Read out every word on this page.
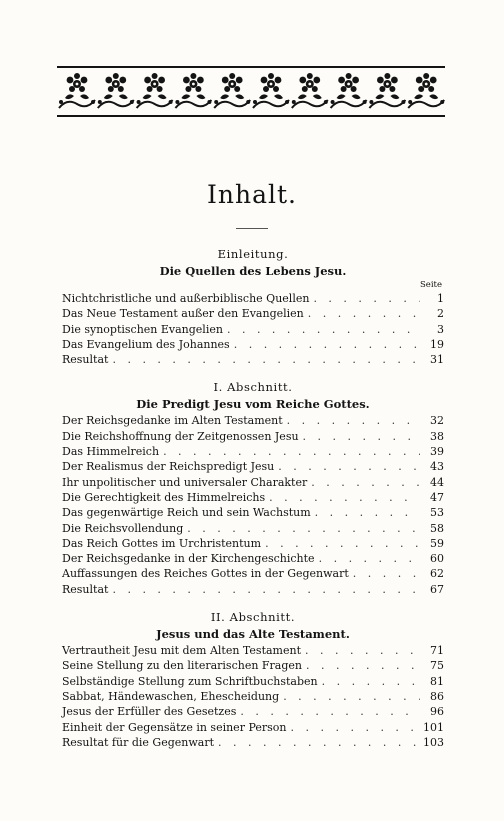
Inhalt.
Einleitung.
Die Quellen des Lebens Jesu.
Seite
Nichtchristliche und außerbiblische Quellen . . .	1
Das Neue Testament außer den Evangelien . . .	2
Die synoptischen Evangelien . . .	3
Das Evangelium des Johannes . . .	19
Resultat . . .	31
I. Abschnitt.
Die Predigt Jesu vom Reiche Gottes.
Der Reichsgedanke im Alten Testament . . .	32
Die Reichshoffnung der Zeitgenossen Jesu . . .	38
Das Himmelreich . . .	39
Der Realismus der Reichspredigt Jesu . . .	43
Ihr unpolitischer und universaler Charakter . . .	44
Die Gerechtigkeit des Himmelreichs . . .	47
Das gegenwärtige Reich und sein Wachstum . . .	53
Die Reichsvollendung . . .	58
Das Reich Gottes im Urchristentum . . .	59
Der Reichsgedanke in der Kirchengeschichte . . .	60
Auffassungen des Reiches Gottes in der Gegenwart . . .	62
Resultat . . .	67
II. Abschnitt.
Jesus und das Alte Testament.
Vertrautheit Jesu mit dem Alten Testament . . .	71
Seine Stellung zu den literarischen Fragen . . .	75
Selbständige Stellung zum Schriftbuchstaben . . .	81
Sabbat, Händewaschen, Ehescheidung . . .	86
Jesus der Erfüller des Gesetzes . . .	96
Einheit der Gegensätze in seiner Person . . .	101
Resultat für die Gegenwart . . .	103
